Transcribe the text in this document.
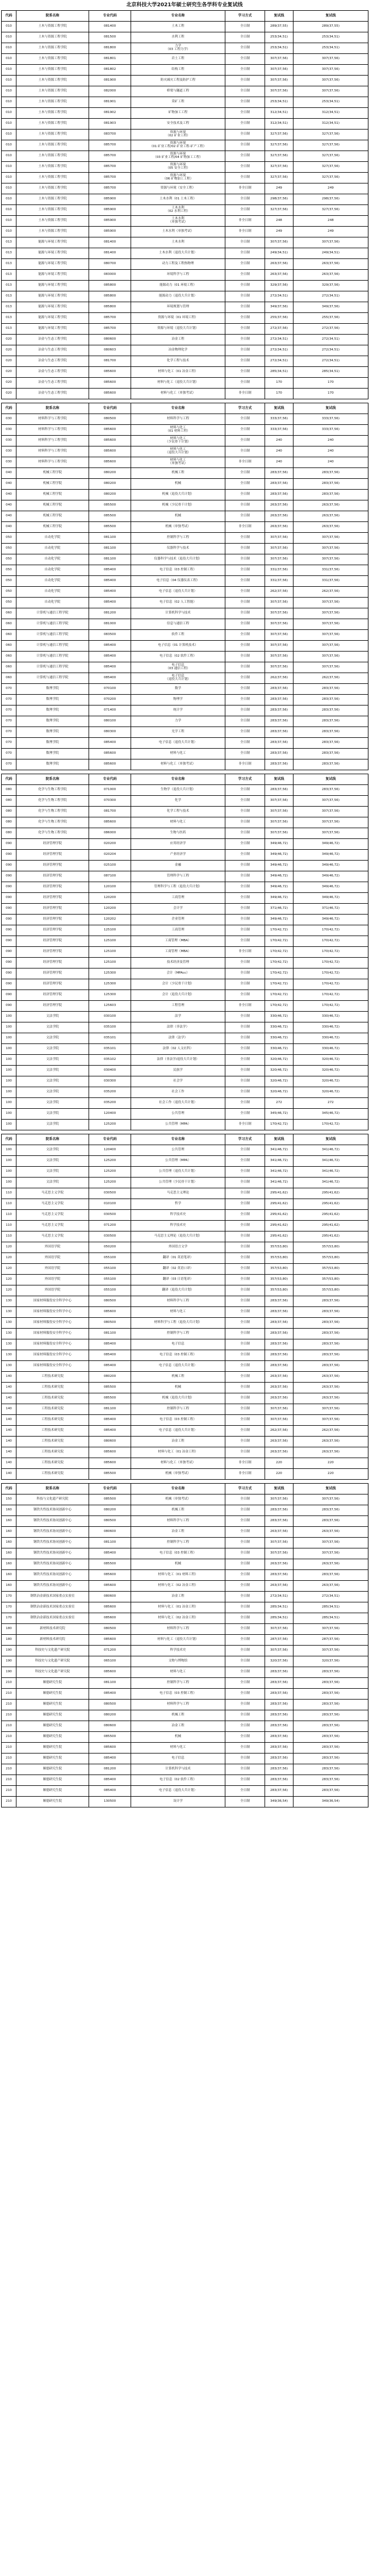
北京科技大学2021年硕士研究生各学科专业复试线
代码	院系名称	专业代码	专业名称	学习方式	复试线	复试线
010	土木与资源工程学院	081400	土木工程	全日制	289(37,55)	289(37,55)
010	土木与资源工程学院	081500	水利工程	全日制	253(34,51)	253(34,51)
010	土木与资源工程学院	081800	力学
（03 工程力学）	全日制	253(34,51)	253(34,51)
010	土木与资源工程学院	081801	岩土工程	全日制	307(37,56)	307(37,56)
010	土木与资源工程学院	081802	结构工程	全日制	307(37,56)	307(37,56)
010	土木与资源工程学院	081900	防灾减灾工程及防护工程	全日制	307(37,56)	307(37,56)
010	土木与资源工程学院	082000	桥梁与隧道工程	全日制	307(37,56)	307(37,56)
010	土木与资源工程学院	081901	采矿工程	全日制	253(34,51)	253(34,51)
010	土木与资源工程学院	081902	矿物加工工程	全日制	312(34,51)	312(34,51)
010	土木与资源工程学院	081903	安全技术及工程	全日制	312(34,51)	312(34,51)
010	土木与资源工程学院	083700	资源与环境
（02 矿业工程）	全日制	327(37,56)	327(37,56)
010	土木与资源工程学院	085700	资源与环境
（01 矿业工程/02 矿业工程-矿产工程）	全日制	327(37,56)	327(37,56)
010	土木与资源工程学院	085700	资源与环境
（03 矿业工程/04 矿物加工工程）	全日制	327(37,56)	327(37,56)
010	土木与资源工程学院	085700	资源与环境
（05 安全工程）	全日制	327(37,56)	327(37,56)
010	土木与资源工程学院	085700	资源与环境
（06 矿物加工工程）	全日制	327(37,56)	327(37,56)
010	土木与资源工程学院	085700	资源与环境（安全工程）	非全日制	249	249
010	土木与资源工程学院	085900	土木水利（01 土木工程）	全日制	298(37,56)	298(37,56)
010	土木与资源工程学院	085900	土木水利
（02 水利工程）	全日制	327(37,56)	327(37,56)
010	土木与资源工程学院	085900	土木水利
（单独考试）	非全日制	248	248
010	土木与资源工程学院	085900	土木水利（单独考试）	非全日制	249	249
013	能源与环境工程学院	081400	土木水利	全日制	307(37,56)	307(37,56)
013	能源与环境工程学院	081400	土木水利（退役大兵计划）	全日制	249(34,51)	249(34,51)
013	能源与环境工程学院	080700	动力工程及工程热物理	全日制	263(37,56)	263(37,56)
013	能源与环境工程学院	083000	环境科学与工程	全日制	263(37,56)	263(37,56)
013	能源与环境工程学院	085800	能源动力（01 环境工程）	全日制	329(37,56)	329(37,56)
013	能源与环境工程学院	085800	能源动力（退役大兵计划）	全日制	272(34,51)	272(34,51)
013	能源与环境工程学院	085800	环境规划与管理	全日制	349(37,56)	349(37,56)
013	能源与环境工程学院	085700	资源与环境（01 环境工程）	全日制	255(37,56)	255(37,56)
013	能源与环境工程学院	085700	资源与环境（退役大兵计划）	全日制	272(37,56)	272(37,56)
020	冶金与生态工程学院	080600	冶金工程	全日制	272(34,51)	272(34,51)
020	冶金与生态工程学院	080603	冶金物理化学	全日制	272(34,51)	272(34,51)
020	冶金与生态工程学院	081700	化学工程与技术	全日制	272(34,51)	272(34,51)
020	冶金与生态工程学院	085600	材料与化工（01 冶金工程）	全日制	285(34,51)	285(34,51)
020	冶金与生态工程学院	085600	材料与化工（退役大兵计划）	全日制	170	170
020	冶金与生态工程学院	085600	材料与化工（单独考试）	非全日制	170	170

代码	院系名称	专业代码	专业名称	学习方式	复试线	复试线
030	材料科学与工程学院	080500	材料科学与工程	全日制	333(37,56)	333(37,56)
030	材料科学与工程学院	085600	材料与化工
（01 材料工程）	全日制	333(37,56)	333(37,56)
030	材料科学与工程学院	085600	材料与化工
（少民骨干计划）	全日制	240	240
030	材料科学与工程学院	085600	材料与化工
（退役大兵计划）	全日制	240	240
030	材料科学与工程学院	085600	材料与化工
（单独考试）	非全日制	240	240
040	机械工程学院	080200	机械工程	全日制	283(37,56)	283(37,56)
040	机械工程学院	080200	机械	全日制	283(37,56)	283(37,56)
040	机械工程学院	080200	机械（退役大兵计划）	全日制	283(37,56)	283(37,56)
040	机械工程学院	085500	机械（少民骨干计划）	全日制	263(37,56)	263(37,56)
040	机械工程学院	085500	机械	全日制	263(37,56)	263(37,56)
040	机械工程学院	085500	机械（单独考试）	非全日制	263(37,56)	263(37,56)
050	自动化学院	081100	控制科学与工程	全日制	307(37,56)	307(37,56)
050	自动化学院	081100	仪器科学与技术	全日制	307(37,56)	307(37,56)
050	自动化学院	081100	仪器科学与技术（退役大兵计划）	全日制	307(37,56)	307(37,56)
050	自动化学院	085400	电子信息（03 控制工程）	全日制	331(37,56)	331(37,56)
050	自动化学院	085400	电子信息（04 仪器仪表工程）	全日制	331(37,56)	331(37,56)
050	自动化学院	085400	电子信息（退役大兵计划）	全日制	262(37,56)	262(37,56)
050	自动化学院	085400	电子信息（02 人工智能）	全日制	307(37,56)	307(37,56)
060	计算机与通信工程学院	081200	计算机科学与技术	全日制	307(37,56)	307(37,56)
060	计算机与通信工程学院	081000	信息与通信工程	全日制	307(37,56)	307(37,56)
060	计算机与通信工程学院	083500	软件工程	全日制	307(37,56)	307(37,56)
060	计算机与通信工程学院	085400	电子信息（01 计算机技术）	全日制	307(37,56)	307(37,56)
060	计算机与通信工程学院	085400	电子信息（02 软件工程）	全日制	307(37,56)	307(37,56)
060	计算机与通信工程学院	085400	电子信息
（03 通信工程）	全日制	307(37,56)	307(37,56)
060	计算机与通信工程学院	085400	电子信息
（退役大兵计划）	全日制	262(37,56)	262(37,56)
070	数理学院	070100	数学	全日制	283(37,56)	283(37,56)
070	数理学院	070200	物理学	全日制	283(37,56)	283(37,56)
070	数理学院	071400	统计学	全日制	283(37,56)	283(37,56)
070	数理学院	080100	力学	全日制	283(37,56)	283(37,56)
070	数理学院	080300	光学工程	全日制	283(37,56)	283(37,56)
070	数理学院	085400	电子信息（退役大兵计划）	全日制	283(37,56)	283(37,56)
070	数理学院	085600	材料与化工	全日制	283(37,56)	283(37,56)
070	数理学院	085600	材料与化工（单独考试）	非全日制	283(37,56)	283(37,56)

代码	院系名称	专业代码	专业名称	学习方式	复试线	复试线
080	化学与生物工程学院	071000	生物学（退役大兵计划）	全日制	283(37,56)	283(37,56)
080	化学与生物工程学院	070300	化学	全日制	307(37,56)	307(37,56)
080	化学与生物工程学院	081700	化学工程与技术	全日制	307(37,56)	307(37,56)
080	化学与生物工程学院	085600	材料与化工	全日制	307(37,56)	307(37,56)
080	化学与生物工程学院	086000	生物与医药	全日制	307(37,56)	307(37,56)
090	经济管理学院	020200	应用经济学	全日制	349(46,72)	349(46,72)
090	经济管理学院	020204	产业经济学	全日制	349(46,72)	349(46,72)
090	经济管理学院	025100	金融	全日制	349(46,72)	349(46,72)
090	经济管理学院	087100	管理科学与工程	全日制	349(46,72)	349(46,72)
090	经济管理学院	120100	管理科学与工程（退役大兵计划）	全日制	349(46,72)	349(46,72)
090	经济管理学院	120200	工商管理	全日制	349(46,72)	349(46,72)
090	经济管理学院	120200	会计学	全日制	371(46,72)	371(46,72)
090	经济管理学院	120202	企业管理	全日制	349(46,72)	349(46,72)
090	经济管理学院	125100	工商管理	全日制	170(42,72)	170(42,72)
090	经济管理学院	125100	工商管理（MBA）	全日制	170(42,72)	170(42,72)
090	经济管理学院	125100	工商管理（MBA）	非全日制	170(42,72)	170(42,72)
090	经济管理学院	125100	技术经济及管理	全日制	170(42,72)	170(42,72)
090	经济管理学院	125300	会计（MPAcc）	全日制	170(42,72)	170(42,72)
090	经济管理学院	125300	会计（少民骨干计划）	全日制	170(42,72)	170(42,72)
090	经济管理学院	125300	会计（退役大兵计划）	全日制	170(42,72)	170(42,72)
090	经济管理学院	125603	工程管理	非全日制	170(42,72)	170(42,72)
100	文法学院	030100	法学	全日制	330(46,72)	330(46,72)
100	文法学院	035100	法律（非法学）	全日制	330(46,72)	330(46,72)
100	文法学院	035101	法律（法学）	全日制	330(46,72)	330(46,72)
100	文法学院	035101	法律（02 人文社科）	全日制	330(46,72)	330(46,72)
100	文法学院	035102	法律（非法学/退役大兵计划）	全日制	320(46,72)	320(46,72)
100	文法学院	030400	民族学	全日制	320(46,72)	320(46,72)
100	文法学院	030300	社会学	全日制	320(46,72)	320(46,72)
100	文法学院	035200	社会工作	全日制	320(46,72)	320(46,72)
100	文法学院	035200	社会工作（退役大兵计划）	全日制	272	272
100	文法学院	120400	公共管理	全日制	345(46,72)	345(46,72)
100	文法学院	125200	公共管理（MPA）	非全日制	170(42,72)	170(42,72)

代码	院系名称	专业代码	专业名称	学习方式	复试线	复试线
100	文法学院	120400	公共管理	全日制	341(46,72)	341(46,72)
100	文法学院	125200	公共管理（MPA）	全日制	341(46,72)	341(46,72)
100	文法学院	125200	公共管理（退役大兵计划）	全日制	341(46,72)	341(46,72)
100	文法学院	125200	公共管理（少民骨干计划）	全日制	341(46,72)	341(46,72)
110	马克思主义学院	030500	马克思主义理论	全日制	295(41,62)	295(41,62)
110	马克思主义学院	010100	哲学	全日制	295(41,62)	295(41,62)
110	马克思主义学院	030500	科学技术史	全日制	295(41,62)	295(41,62)
110	马克思主义学院	071200	科学技术史	全日制	295(41,62)	295(41,62)
110	马克思主义学院	030500	马克思主义理论（退役大兵计划）	全日制	295(41,62)	295(41,62)
120	外国语学院	050200	外国语言文学	全日制	357(53,80)	357(53,80)
120	外国语学院	055100	翻译（01 英语笔译）	全日制	357(53,80)	357(53,80)
120	外国语学院	055100	翻译（02 英语口译）	全日制	357(53,80)	357(53,80)
120	外国语学院	055100	翻译（03 日语笔译）	全日制	357(53,80)	357(53,80)
120	外国语学院	055100	翻译（退役大兵计划）	全日制	357(53,80)	357(53,80)
130	国家材料服役安全科学中心	080500	材料科学与工程	全日制	283(37,56)	283(37,56)
130	国家材料服役安全科学中心	085600	材料与化工	全日制	283(37,56)	283(37,56)
130	国家材料服役安全科学中心	080500	材料科学与工程（退役大兵计划）	全日制	283(37,56)	283(37,56)
130	国家材料服役安全科学中心	081100	控制科学与工程	全日制	283(37,56)	283(37,56)
130	国家材料服役安全科学中心	085400	电子信息	全日制	283(37,56)	283(37,56)
130	国家材料服役安全科学中心	085400	电子信息（03 控制工程）	全日制	283(37,56)	283(37,56)
130	国家材料服役安全科学中心	085400	电子信息（退役大兵计划）	全日制	283(37,56)	283(37,56)
140	工程技术研究院	080200	机械工程	全日制	263(37,56)	263(37,56)
140	工程技术研究院	085500	机械	全日制	263(37,56)	263(37,56)
140	工程技术研究院	085500	机械（退役大兵计划）	全日制	263(37,56)	263(37,56)
140	工程技术研究院	081100	控制科学与工程	全日制	307(37,56)	307(37,56)
140	工程技术研究院	085400	电子信息（03 控制工程）	全日制	307(37,56)	307(37,56)
140	工程技术研究院	085400	电子信息（退役大兵计划）	全日制	262(37,56)	262(37,56)
140	工程技术研究院	080600	冶金工程	全日制	263(37,56)	263(37,56)
140	工程技术研究院	085600	材料与化工（01 冶金工程）	全日制	263(37,56)	263(37,56)
140	工程技术研究院	085600	材料与化工（单独考试）	非全日制	220	220
140	工程技术研究院	085500	机械（单独考试）	非全日制	220	220

代码	院系名称	专业代码	专业名称	学习方式	复试线	复试线
150	科技与文化遗产研究院	085500	机械（单独考试）	全日制	307(37,56)	307(37,56)
160	钢铁共性技术协同创新中心	080200	机械工程	全日制	283(37,56)	283(37,56)
160	钢铁共性技术协同创新中心	080500	材料科学与工程	全日制	283(37,56)	283(37,56)
160	钢铁共性技术协同创新中心	080600	冶金工程	全日制	263(37,56)	263(37,56)
160	钢铁共性技术协同创新中心	081100	控制科学与工程	全日制	307(37,56)	307(37,56)
160	钢铁共性技术协同创新中心	085400	电子信息（03 控制工程）	全日制	307(37,56)	307(37,56)
160	钢铁共性技术协同创新中心	085500	机械	全日制	263(37,56)	263(37,56)
160	钢铁共性技术协同创新中心	085600	材料与化工（01 材料工程）	全日制	283(37,56)	283(37,56)
160	钢铁共性技术协同创新中心	085600	材料与化工（02 冶金工程）	全日制	263(37,56)	263(37,56)
170	钢铁冶金新技术国家重点实验室	080600	冶金工程	全日制	272(34,51)	272(34,51)
170	钢铁冶金新技术国家重点实验室	085600	材料与化工（01 冶金工程）	全日制	285(34,51)	285(34,51)
170	钢铁冶金新技术国家重点实验室	085600	材料与化工（02 冶金工程）	全日制	285(34,51)	285(34,51)
180	新材料技术研究院	080500	材料科学与工程	全日制	307(37,56)	307(37,56)
180	新材料技术研究院	085600	材料与化工（退役大兵计划）	全日制	287(37,56)	287(37,56)
190	科技史与文化遗产研究院	071200	科学技术史	全日制	307(37,56)	307(37,56)
190	科技史与文化遗产研究院	065100	文物与博物馆	全日制	320(37,56)	320(37,56)
190	科技史与文化遗产研究院	085600	材料与化工	全日制	283(37,56)	283(37,56)
210	顺德研究生院	081100	控制科学与工程	全日制	283(37,56)	283(37,56)
210	顺德研究生院	085400	电子信息（03 控制工程）	全日制	283(37,56)	283(37,56)
210	顺德研究生院	080500	材料科学与工程	全日制	283(37,56)	283(37,56)
210	顺德研究生院	080200	机械工程	全日制	283(37,56)	283(37,56)
210	顺德研究生院	080600	冶金工程	全日制	283(37,56)	283(37,56)
210	顺德研究生院	085500	机械	全日制	283(37,56)	283(37,56)
210	顺德研究生院	085600	材料与化工	全日制	283(37,56)	283(37,56)
210	顺德研究生院	085400	电子信息	全日制	283(37,56)	283(37,56)
210	顺德研究生院	081200	计算机科学与技术	全日制	283(37,56)	283(37,56)
210	顺德研究生院	085400	电子信息（02 软件工程）	全日制	283(37,56)	283(37,56)
210	顺德研究生院	085400	电子信息（退役大兵计划）	全日制	283(37,56)	283(37,56)
210	顺德研究生院	130500	设计学	全日制	349(36,54)	349(36,54)
